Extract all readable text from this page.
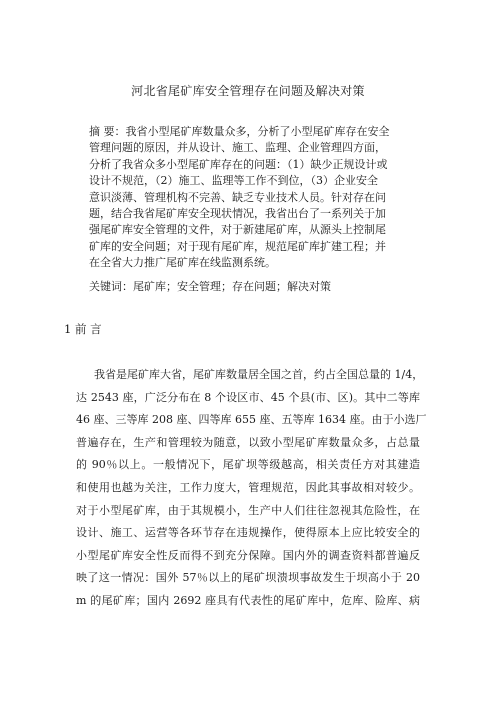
河北省尾矿库安全管理存在问题及解决对策
摘 要：我省小型尾矿库数量众多，分析了小型尾矿库存在安全
管理问题的原因，并从设计、施工、监理、企业管理四方面，
分析了我省众多小型尾矿库存在的问题：（1）缺少正规设计或
设计不规范，（2）施工、监理等工作不到位，（3）企业安全
意识淡薄、管理机构不完善、缺乏专业技术人员。针对存在问
题，结合我省尾矿库安全现状情况，我省出台了一系列关于加
强尾矿库安全管理的文件，对于新建尾矿库，从源头上控制尾
矿库的安全问题；对于现有尾矿库，规范尾矿库扩建工程；并
在全省大力推广尾矿库在线监测系统。
关键词：尾矿库；安全管理；存在问题；解决对策
1 前 言
我省是尾矿库大省，尾矿库数量居全国之首，约占全国总量的 1/4，
达 2543 座，广泛分布在 8 个设区市、45 个县(市、区)。其中二等库
46 座、三等库 208 座、四等库 655 座、五等库 1634 座。由于小选厂
普遍存在，生产和管理较为随意，以致小型尾矿库数量众多，占总量
的 90％以上。一般情况下，尾矿坝等级越高，相关责任方对其建造
和使用也越为关注，工作力度大，管理规范，因此其事故相对较少。
对于小型尾矿库，由于其规模小，生产中人们往往忽视其危险性，在
设计、施工、运营等各环节存在违规操作，使得原本上应比较安全的
小型尾矿库安全性反而得不到充分保障。国内外的调查资料都普遍反
映了这一情况：国外 57％以上的尾矿坝溃坝事故发生于坝高小于 20
m 的尾矿库；国内 2692 座具有代表性的尾矿库中，危库、险库、病
